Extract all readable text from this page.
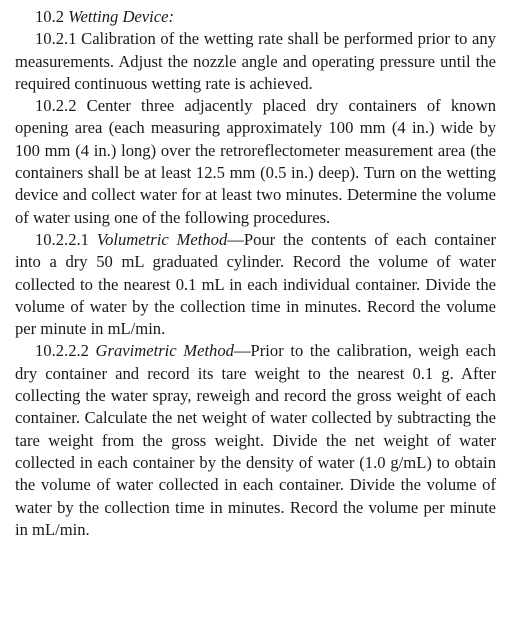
10.2 Wetting Device:

10.2.1 Calibration of the wetting rate shall be performed prior to any measurements. Adjust the nozzle angle and operating pressure until the required continuous wetting rate is achieved.

10.2.2 Center three adjacently placed dry containers of known opening area (each measuring approximately 100 mm (4 in.) wide by 100 mm (4 in.) long) over the retroreflectometer measurement area (the containers shall be at least 12.5 mm (0.5 in.) deep). Turn on the wetting device and collect water for at least two minutes. Determine the volume of water using one of the following procedures.

10.2.2.1 Volumetric Method—Pour the contents of each container into a dry 50 mL graduated cylinder. Record the volume of water collected to the nearest 0.1 mL in each individual container. Divide the volume of water by the collection time in minutes. Record the volume per minute in mL/min.

10.2.2.2 Gravimetric Method—Prior to the calibration, weigh each dry container and record its tare weight to the nearest 0.1 g. After collecting the water spray, reweigh and record the gross weight of each container. Calculate the net weight of water collected by subtracting the tare weight from the gross weight. Divide the net weight of water collected in each container by the density of water (1.0 g/mL) to obtain the volume of water collected in each container. Divide the volume of water by the collection time in minutes. Record the volume per minute in mL/min.
